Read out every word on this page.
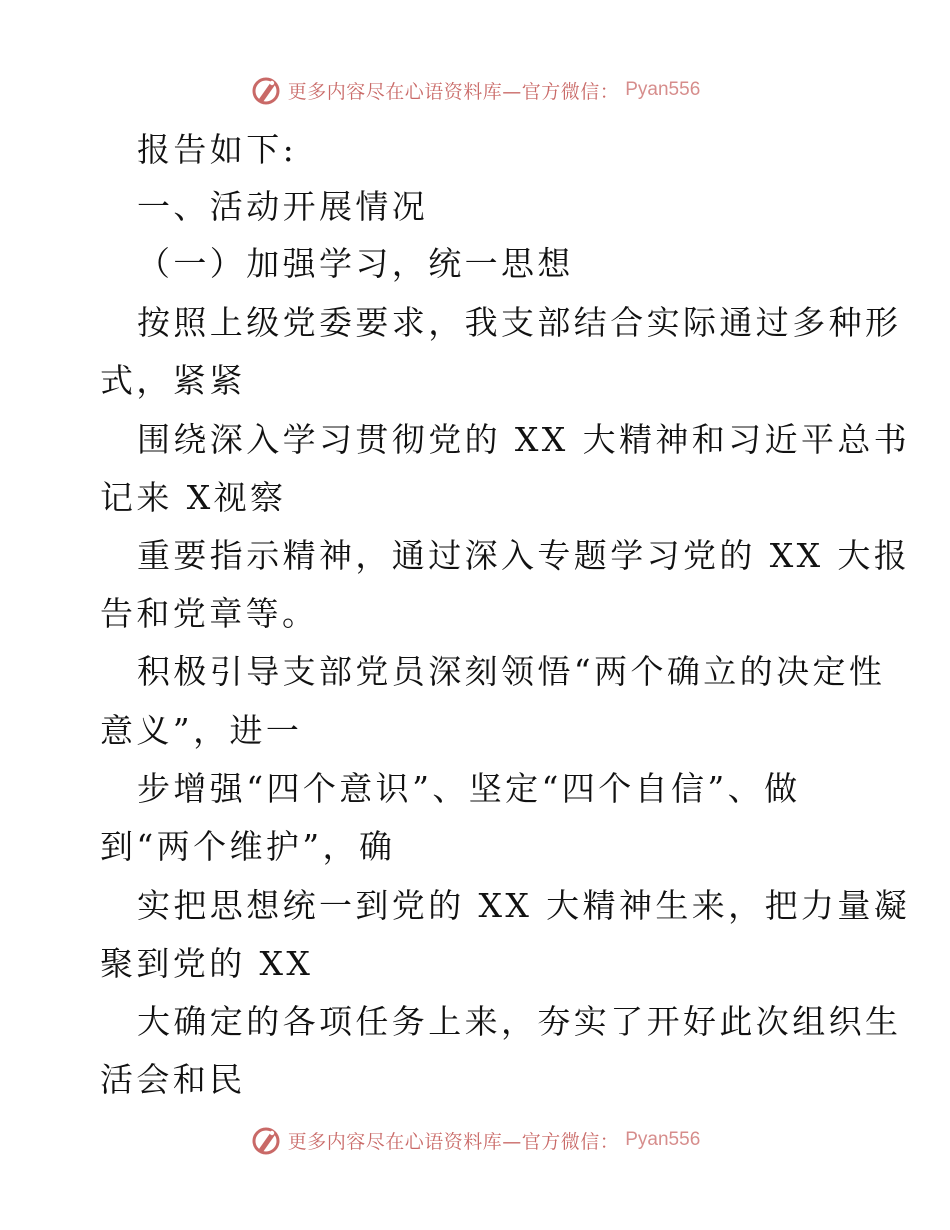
更多内容尽在心语资料库—官方微信： Pyan556
报告如下:
一、活动开展情况
（一）加强学习，统一思想
按照上级党委要求，我支部结合实际通过多种形
式，紧紧
围绕深入学习贯彻党的 XX 大精神和习近平总书
记来 X视察
重要指示精神，通过深入专题学习党的 XX 大报
告和党章等。
积极引导支部党员深刻领悟“两个确立的决定性
意义”，进一
步增强“四个意识”、坚定“四个自信”、做
到“两个维护”，确
实把思想统一到党的 XX 大精神生来，把力量凝
聚到党的 XX
大确定的各项任务上来，夯实了开好此次组织生
活会和民
更多内容尽在心语资料库—官方微信： Pyan556
